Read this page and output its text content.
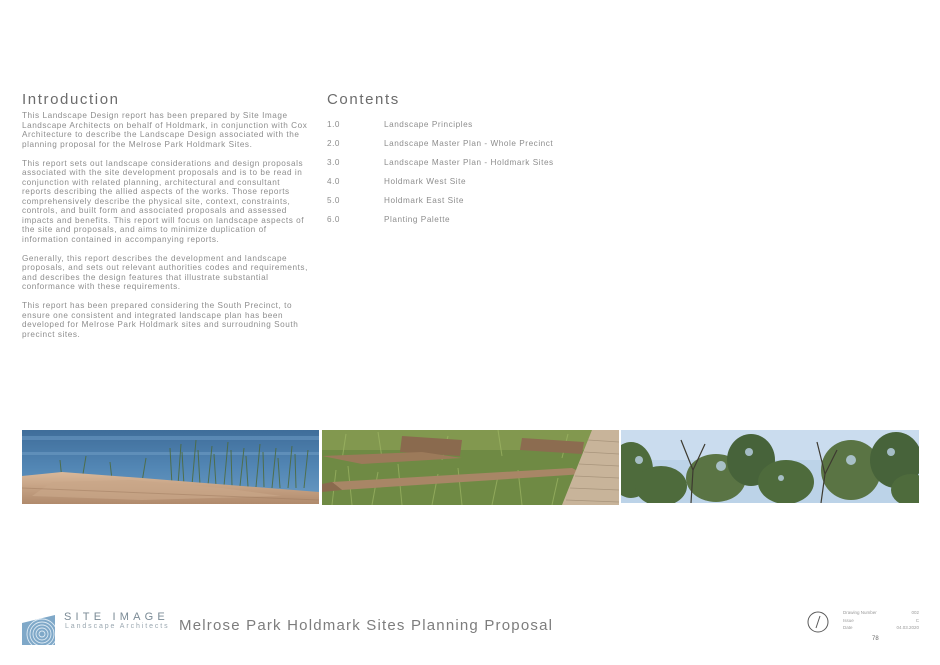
Introduction

This Landscape Design report has been prepared by Site Image Landscape Architects on behalf of Holdmark, in conjunction with Cox Architecture to describe the Landscape Design associated with the planning proposal for the Melrose Park Holdmark Sites.

This report sets out landscape considerations and design proposals associated with the site development proposals and is to be read in conjunction with related planning, architectural and consultant reports describing the allied aspects of the works. Those reports comprehensively describe the physical site, context, constraints, controls, and built form and associated proposals and assessed impacts and benefits. This report will focus on landscape aspects of the site and proposals, and aims to minimize duplication of information contained in accompanying reports.

Generally, this report describes the development and landscape proposals, and sets out relevant authorities codes and requirements, and describes the design features that illustrate substantial conformance with these requirements.

This report has been prepared considering the South Precinct, to ensure one consistent and integrated landscape plan has been developed for Melrose Park Holdmark sites and surroudning South precinct sites.

Contents
1.0	Landscape Principles
2.0	Landscape Master Plan - Whole Precinct
3.0	Landscape Master Plan - Holdmark Sites
4.0	Holdmark West Site
5.0	Holdmark East Site
6.0	Planting Palette
SITE IMAGE
Landscape Architects Melrose Park Holdmark Sites Planning Proposal
Drawing Number	002
Issue	C
Date	04.03.2020
78
